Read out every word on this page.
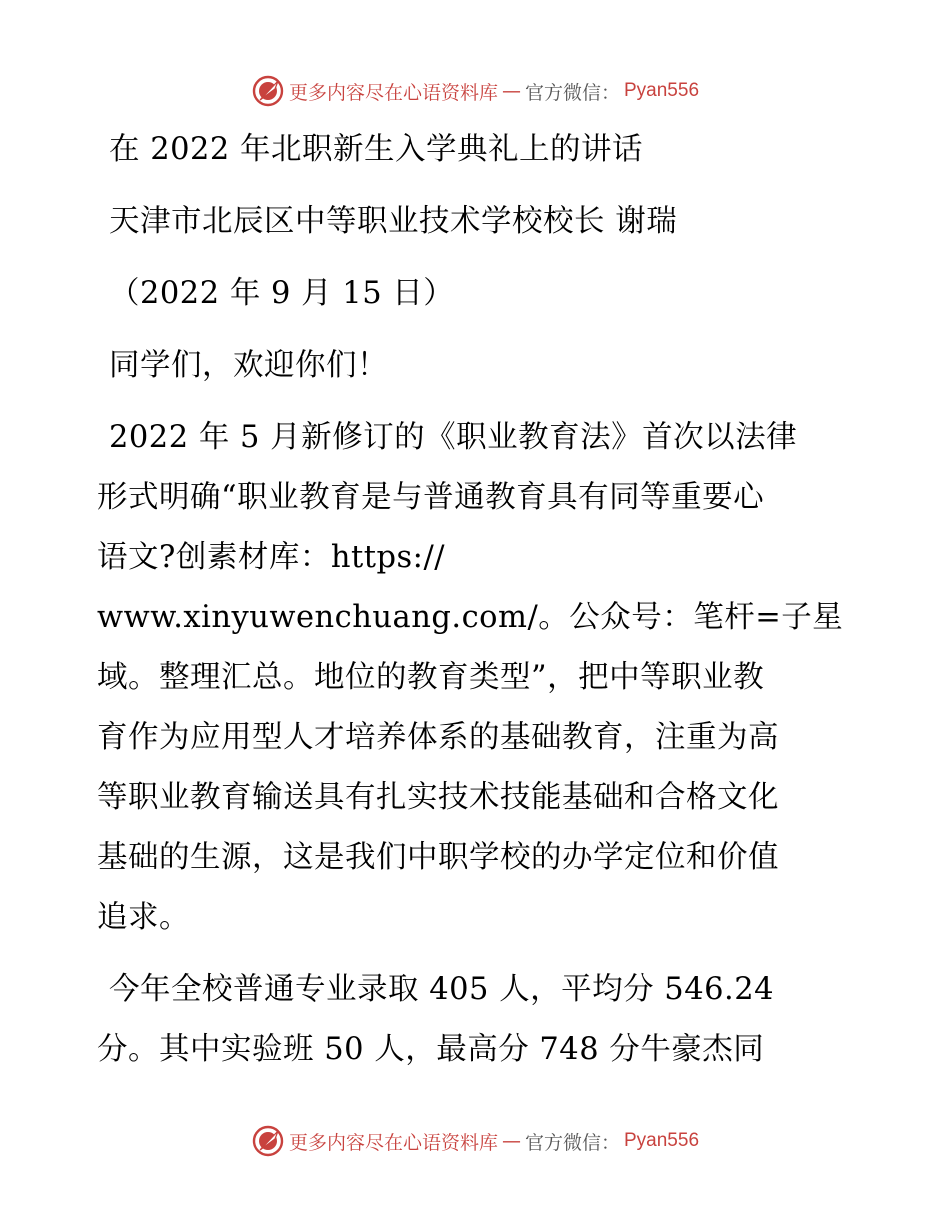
更多内容尽在心语资料库 — 官方微信： Pyan556
在 2022 年北职新生入学典礼上的讲话
天津市北辰区中等职业技术学校校长 谢瑞
（2022 年 9 月 15 日）
同学们，欢迎你们！
2022 年 5 月新修订的《职业教育法》首次以法律
形式明确“职业教育是与普通教育具有同等重要心
语文?创素材库：https://
www.xinyuwenchuang.com/。公众号：笔杆=子星
域。整理汇总。地位的教育类型”，把中等职业教
育作为应用型人才培养体系的基础教育，注重为高
等职业教育输送具有扎实技术技能基础和合格文化
基础的生源，这是我们中职学校的办学定位和价值
追求。
今年全校普通专业录取 405 人，平均分 546.24
分。其中实验班 50 人，最高分 748 分牛豪杰同
更多内容尽在心语资料库 — 官方微信： Pyan556
